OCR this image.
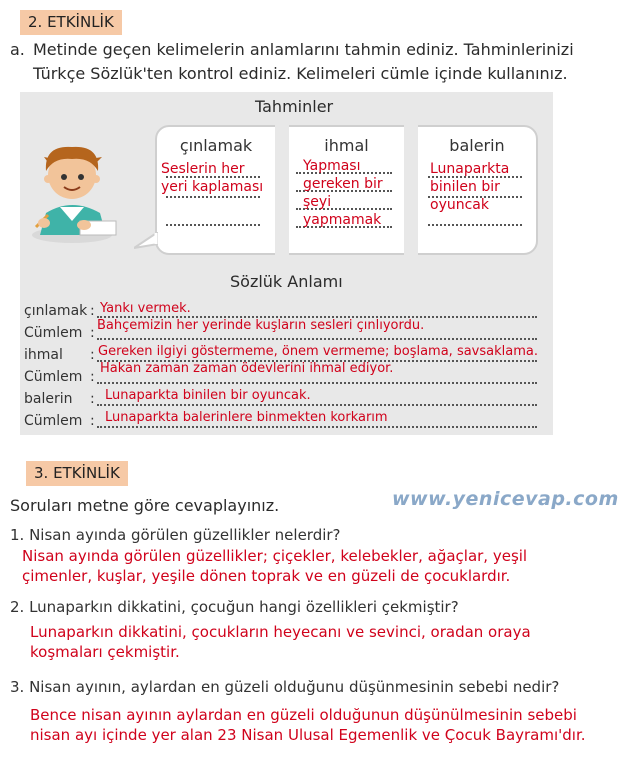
2. ETKİNLİK
a. Metinde geçen kelimelerin anlamlarını tahmin ediniz. Tahminlerinizi
Türkçe Sözlük'ten kontrol ediniz. Kelimeleri cümle içinde kullanınız.
Tahminler
çınlamak
Seslerin her
yeri kaplaması
ihmal
Yapması
gereken bir
şeyi
yapmamak
balerin
Lunaparkta
binilen bir
oyuncak
Sözlük Anlamı
çınlamak : Yankı vermek.
Cümlem : Bahçemizin her yerinde kuşların sesleri çınlıyordu.
ihmal : Gereken ilgiyi göstermeme, önem vermeme; boşlama, savsaklama.
Cümlem :
Hakan zaman zaman ödevlerini ihmal ediyor.
balerin : Lunaparkta binilen bir oyuncak.
Cümlem : Lunaparkta balerinlere binmekten korkarım
3. ETKİNLİK
Soruları metne göre cevaplayınız.	www.yenicevap.com
1. Nisan ayında görülen güzellikler nelerdir?
Nisan ayında görülen güzellikler; çiçekler, kelebekler, ağaçlar, yeşil çimenler, kuşlar, yeşile dönen toprak ve en güzeli de çocuklardır.
2. Lunaparkın dikkatini, çocuğun hangi özellikleri çekmiştir?
Lunaparkın dikkatini, çocukların heyecanı ve sevinci, oradan oraya koşmaları çekmiştir.
3. Nisan ayının, aylardan en güzeli olduğunu düşünmesinin sebebi nedir?
Bence nisan ayının aylardan en güzeli olduğunun düşünülmesinin sebebi nisan ayı içinde yer alan 23 Nisan Ulusal Egemenlik ve Çocuk Bayramı'dır.
